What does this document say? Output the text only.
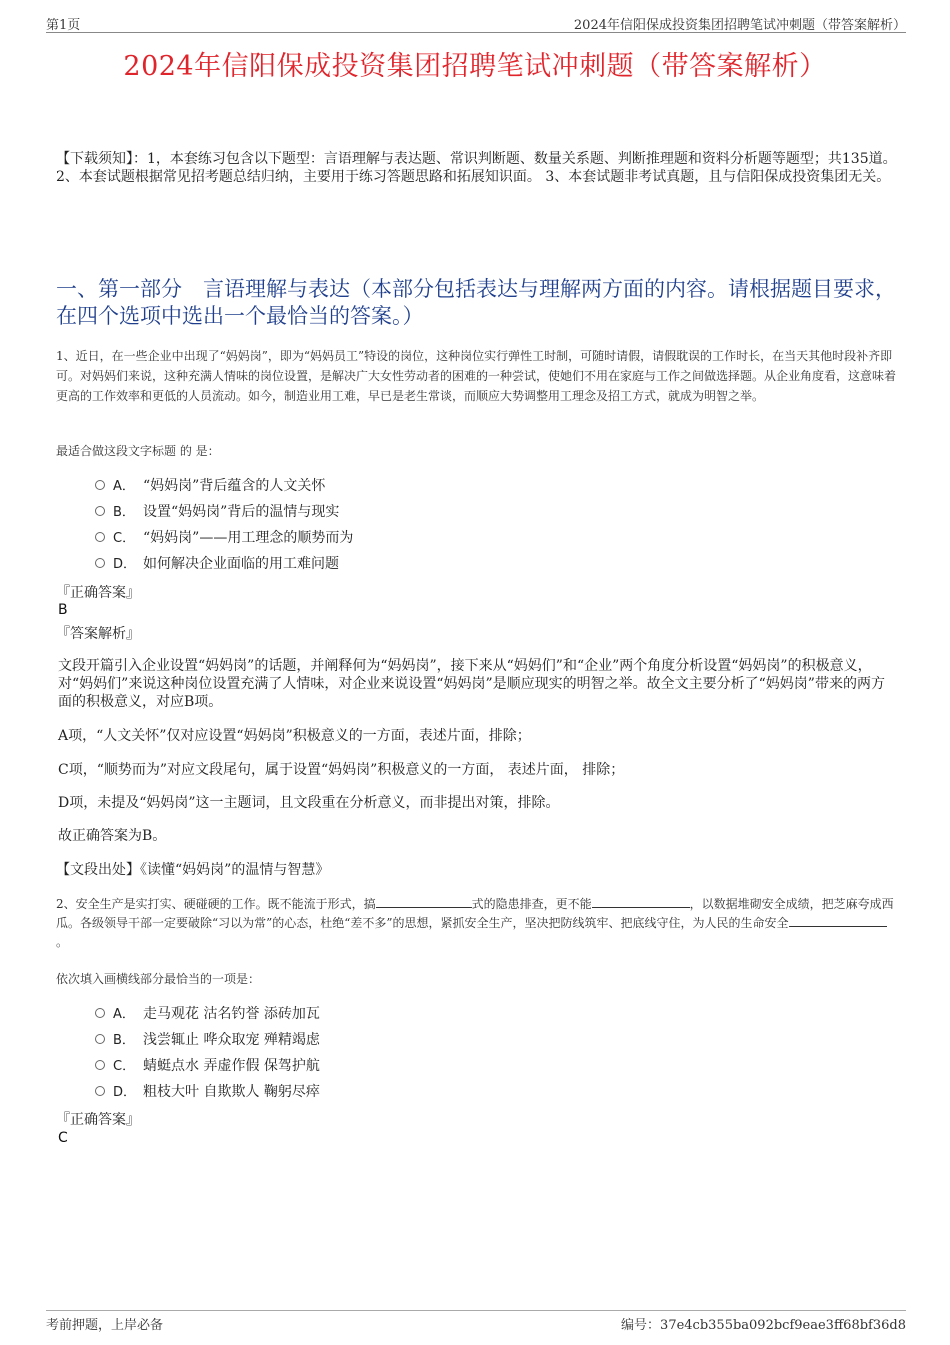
第1页	2024年信阳保成投资集团招聘笔试冲刺题（带答案解析）
2024年信阳保成投资集团招聘笔试冲刺题（带答案解析）
【下载须知】：1，本套练习包含以下题型：言语理解与表达题、常识判断题、数量关系题、判断推理题和资料分析题等题型；共135道。 2、本套试题根据常见招考题总结归纳，主要用于练习答题思路和拓展知识面。 3、本套试题非考试真题，且与信阳保成投资集团无关。
一、第一部分　言语理解与表达（本部分包括表达与理解两方面的内容。请根据题目要求，在四个选项中选出一个最恰当的答案。）
1、近日，在一些企业中出现了“妈妈岗”，即为“妈妈员工”特设的岗位，这种岗位实行弹性工时制，可随时请假，请假耽误的工作时长，在当天其他时段补齐即可。对妈妈们来说，这种充满人情味的岗位设置，是解决广大女性劳动者的困难的一种尝试，使她们不用在家庭与工作之间做选择题。从企业角度看，这意味着更高的工作效率和更低的人员流动。如今，制造业用工难，早已是老生常谈，而顺应大势调整用工理念及招工方式，就成为明智之举。
最适合做这段文字标题 的 是：
A． “妈妈岗”背后蕴含的人文关怀
B． 设置“妈妈岗”背后的温情与现实
C． “妈妈岗”——用工理念的顺势而为
D． 如何解决企业面临的用工难问题
『正确答案』
B
『答案解析』
文段开篇引入企业设置“妈妈岗”的话题，并阐释何为“妈妈岗”，接下来从“妈妈们”和“企业”两个角度分析设置“妈妈岗”的积极意义，对“妈妈们”来说这种岗位设置充满了人情味，对企业来说设置“妈妈岗”是顺应现实的明智之举。故全文主要分析了“妈妈岗”带来的两方面的积极意义，对应B项。
A项，“人文关怀”仅对应设置“妈妈岗”积极意义的一方面，表述片面，排除；
C项，“顺势而为”对应文段尾句，属于设置“妈妈岗”积极意义的一方面， 表述片面， 排除；
D项，未提及“妈妈岗”这一主题词，且文段重在分析意义，而非提出对策，排除。
故正确答案为B。
【文段出处】《读懂“妈妈岗”的温情与智慧》
2、安全生产是实打实、硬碰硬的工作。既不能流于形式，搞	式的隐患排查，更不能	，以数据堆砌安全成绩，把芝麻夸成西瓜。各级领导干部一定要破除“习以为常”的心态，杜绝“差不多”的思想，紧抓安全生产，坚决把防线筑牢、把底线守住，为人民的生命安全。
依次填入画横线部分最恰当的一项是：
A． 走马观花 沽名钓誉 添砖加瓦
B． 浅尝辄止 哗众取宠 殚精竭虑
C． 蜻蜓点水 弄虚作假 保驾护航
D． 粗枝大叶 自欺欺人 鞠躬尽瘁
『正确答案』
C
考前押题，上岸必备	编号：37e4cb355ba092bcf9eae3ff68bf36d8
